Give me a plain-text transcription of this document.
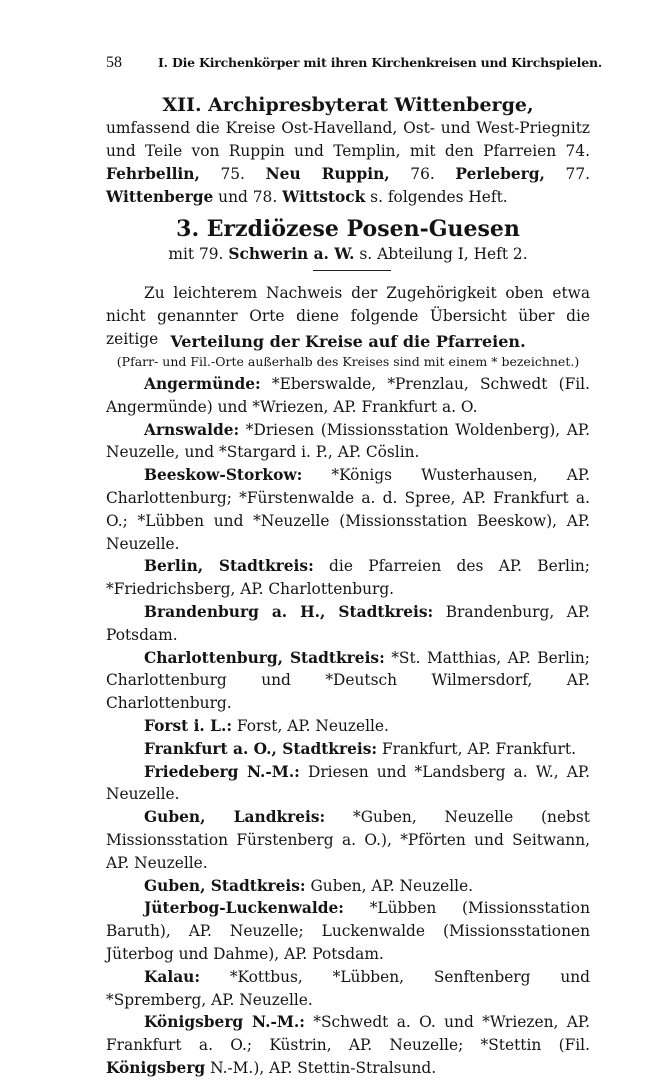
58	I. Die Kirchenkörper mit ihren Kirchenkreisen und Kirchspielen.
XII. Archipresbyterat Wittenberge,
umfassend die Kreise Ost-Havelland, Ost- und West-Priegnitz und Teile von Ruppin und Templin, mit den Pfarreien 74. Fehrbellin, 75. Neu Ruppin, 76. Perleberg, 77. Wittenberge und 78. Wittstock s. folgendes Heft.
3. Erzdiözese Posen-Guesen
mit 79. Schwerin a. W. s. Abteilung I, Heft 2.
Zu leichterem Nachweis der Zugehörigkeit oben etwa nicht genannter Orte diene folgende Übersicht über die zeitige Verteilung der Kreise auf die Pfarreien.
(Pfarr- und Fil.-Orte außerhalb des Kreises sind mit einem * bezeichnet.)

Angermünde: *Eberswalde, *Prenzlau, Schwedt (Fil. Angermünde) und *Wriezen, AP. Frankfurt a. O.

Arnswalde: *Driesen (Missionsstation Woldenberg), AP. Neuzelle, und *Stargard i. P., AP. Cöslin.

Beeskow-Storkow: *Königs Wusterhausen, AP. Charlottenburg; *Fürstenwalde a. d. Spree, AP. Frankfurt a. O.; *Lübben und *Neuzelle (Missionsstation Beeskow), AP. Neuzelle.

Berlin, Stadtkreis: die Pfarreien des AP. Berlin; *Friedrichsberg, AP. Charlottenburg.

Brandenburg a. H., Stadtkreis: Brandenburg, AP. Potsdam.

Charlottenburg, Stadtkreis: *St. Matthias, AP. Berlin; Charlottenburg und *Deutsch Wilmersdorf, AP. Charlottenburg.

Forst i. L.: Forst, AP. Neuzelle.

Frankfurt a. O., Stadtkreis: Frankfurt, AP. Frankfurt.

Friedeberg N.-M.: Driesen und *Landsberg a. W., AP. Neuzelle.

Guben, Landkreis: *Guben, Neuzelle (nebst Missionsstation Fürstenberg a. O.), *Pförten und Seitwann, AP. Neuzelle.

Guben, Stadtkreis: Guben, AP. Neuzelle.

Jüterbog-Luckenwalde: *Lübben (Missionsstation Baruth), AP. Neuzelle; Luckenwalde (Missionsstationen Jüterbog und Dahme), AP. Potsdam.

Kalau: *Kottbus, *Lübben, Senftenberg und *Spremberg, AP. Neuzelle.

Königsberg N.-M.: *Schwedt a. O. und *Wriezen, AP. Frankfurt a. O.; Küstrin, AP. Neuzelle; *Stettin (Fil. Königsberg N.-M.), AP. Stettin-Stralsund.
